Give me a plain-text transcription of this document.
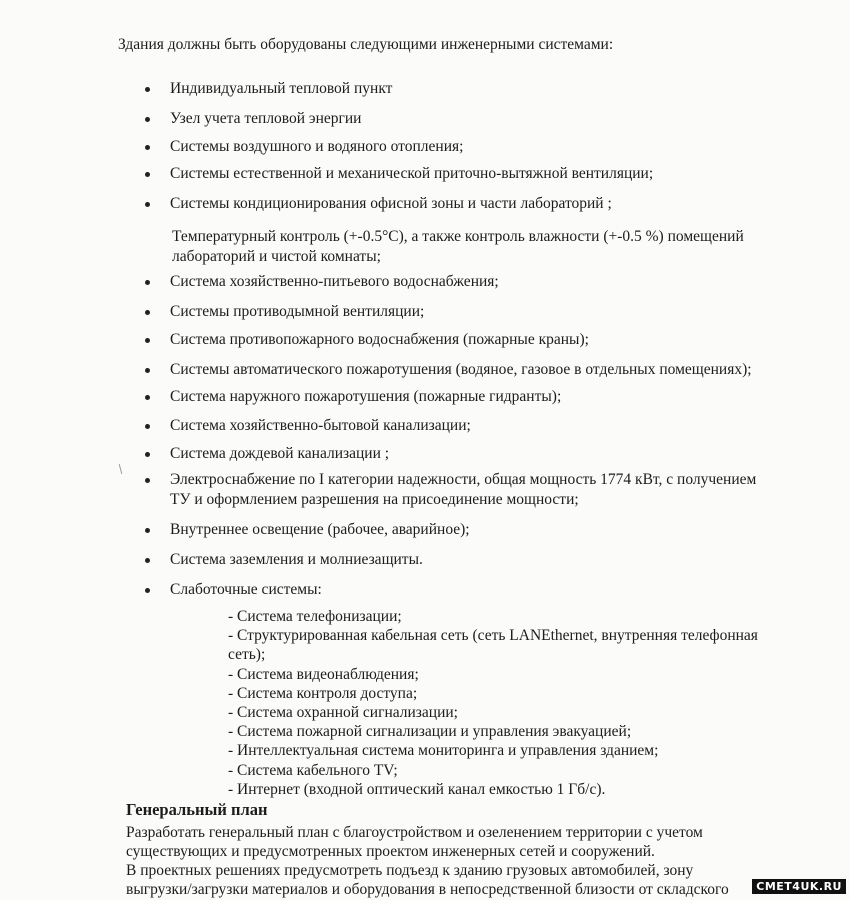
Здания должны быть оборудованы следующими инженерными системами:
Индивидуальный тепловой пункт
Узел учета тепловой энергии
Системы воздушного и водяного отопления;
Системы естественной и механической приточно-вытяжной вентиляции;
Системы кондиционирования офисной зоны и части лабораторий ;
Температурный контроль (+-0.5°С), а также контроль влажности (+-0.5 %) помещений
лабораторий и чистой комнаты;
Система хозяйственно-питьевого водоснабжения;
Системы противодымной вентиляции;
Система противопожарного водоснабжения (пожарные краны);
Системы автоматического пожаротушения (водяное, газовое в отдельных помещениях);
Система наружного пожаротушения (пожарные гидранты);
Система хозяйственно-бытовой канализации;
Система дождевой канализации ;
Электроснабжение по I категории надежности, общая мощность 1774 кВт, с получением
ТУ и оформлением разрешения на присоединение мощности;
Внутреннее освещение (рабочее, аварийное);
Система заземления и молниезащиты.
Слаботочные системы:
- Система телефонизации;
- Структурированная кабельная сеть (сеть LANEthernet, внутренняя телефонная
сеть);
- Система видеонаблюдения;
- Система контроля доступа;
- Система охранной сигнализации;
- Система пожарной сигнализации и управления эвакуацией;
- Интеллектуальная система мониторинга и управления зданием;
- Система кабельного TV;
- Интернет (входной оптический канал емкостью 1 Гб/с).
Генеральный план
Разработать генеральный план с благоустройством и озеленением территории с учетом
существующих и предусмотренных проектом инженерных сетей и сооружений.
В проектных решениях предусмотреть подъезд к зданию грузовых автомобилей, зону
выгрузки/загрузки материалов и оборудования в непосредственной близости от складского	CMET4UK.RU
